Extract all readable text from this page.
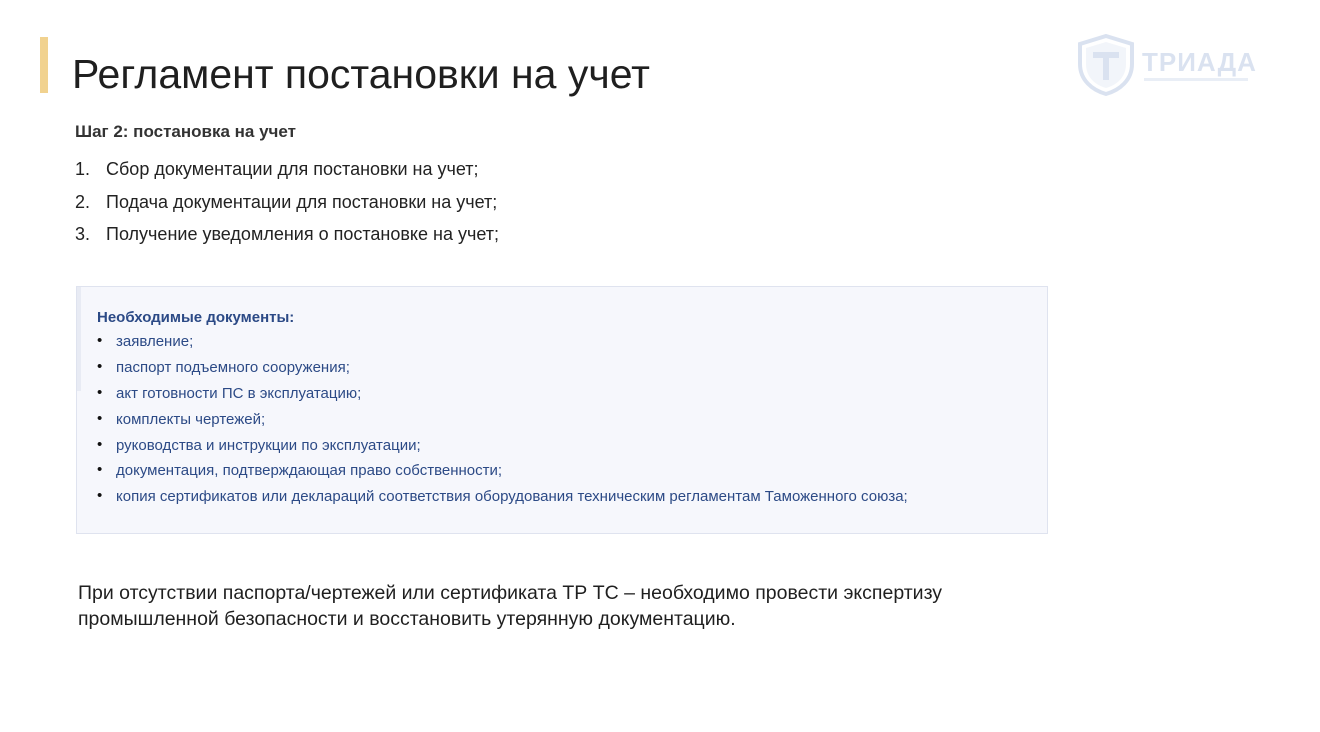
Регламент постановки на учет	ТРИАДА
Шаг 2: постановка на учет
1. Сбор документации для постановки на учет;
2. Подача документации для постановки на учет;
3. Получение уведомления о постановке на учет;
Необходимые документы:
• заявление;
• паспорт подъемного сооружения;
• акт готовности ПС в эксплуатацию;
• комплекты чертежей;
• руководства и инструкции по эксплуатации;
• документация, подтверждающая право собственности;
• копия сертификатов или деклараций соответствия оборудования техническим регламентам Таможенного союза;

При отсутствии паспорта/чертежей или сертификата ТР ТС – необходимо провести экспертизу
промышленной безопасности и восстановить утерянную документацию.
